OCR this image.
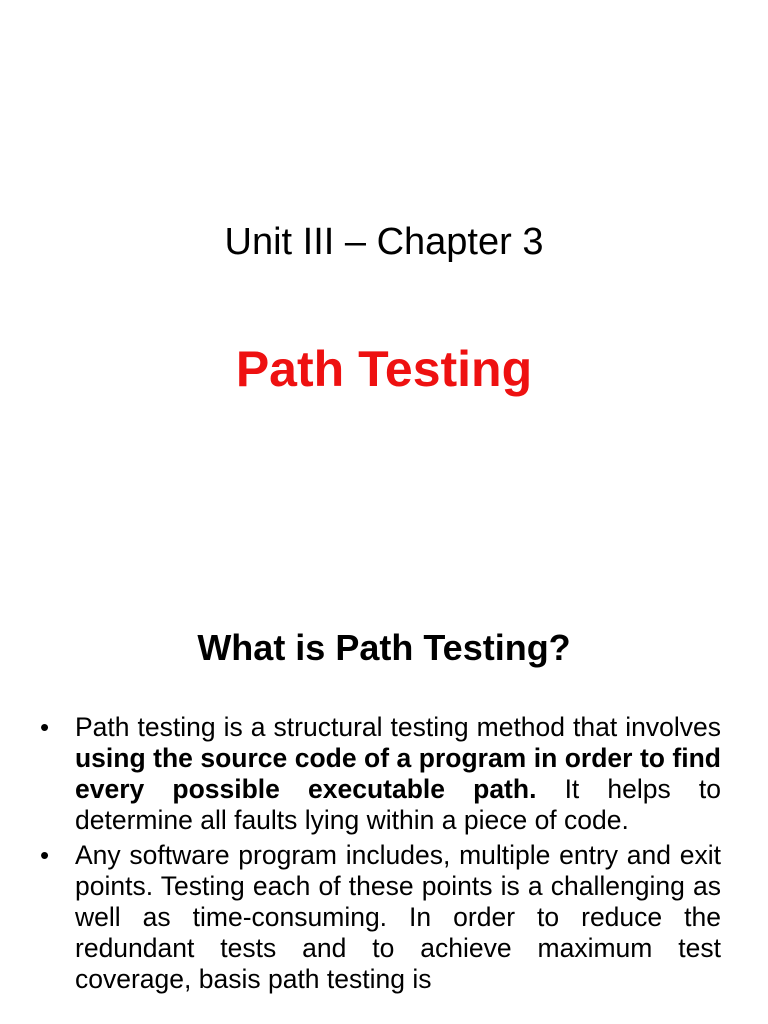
Unit III – Chapter 3
Path Testing
What is Path Testing?
• Path testing is a structural testing method that involves using the source code of a program in order to find every possible executable path. It helps to determine all faults lying within a piece of code.
• Any software program includes, multiple entry and exit points. Testing each of these points is a challenging as well as time-consuming. In order to reduce the redundant tests and to achieve maximum test coverage, basis path testing is
